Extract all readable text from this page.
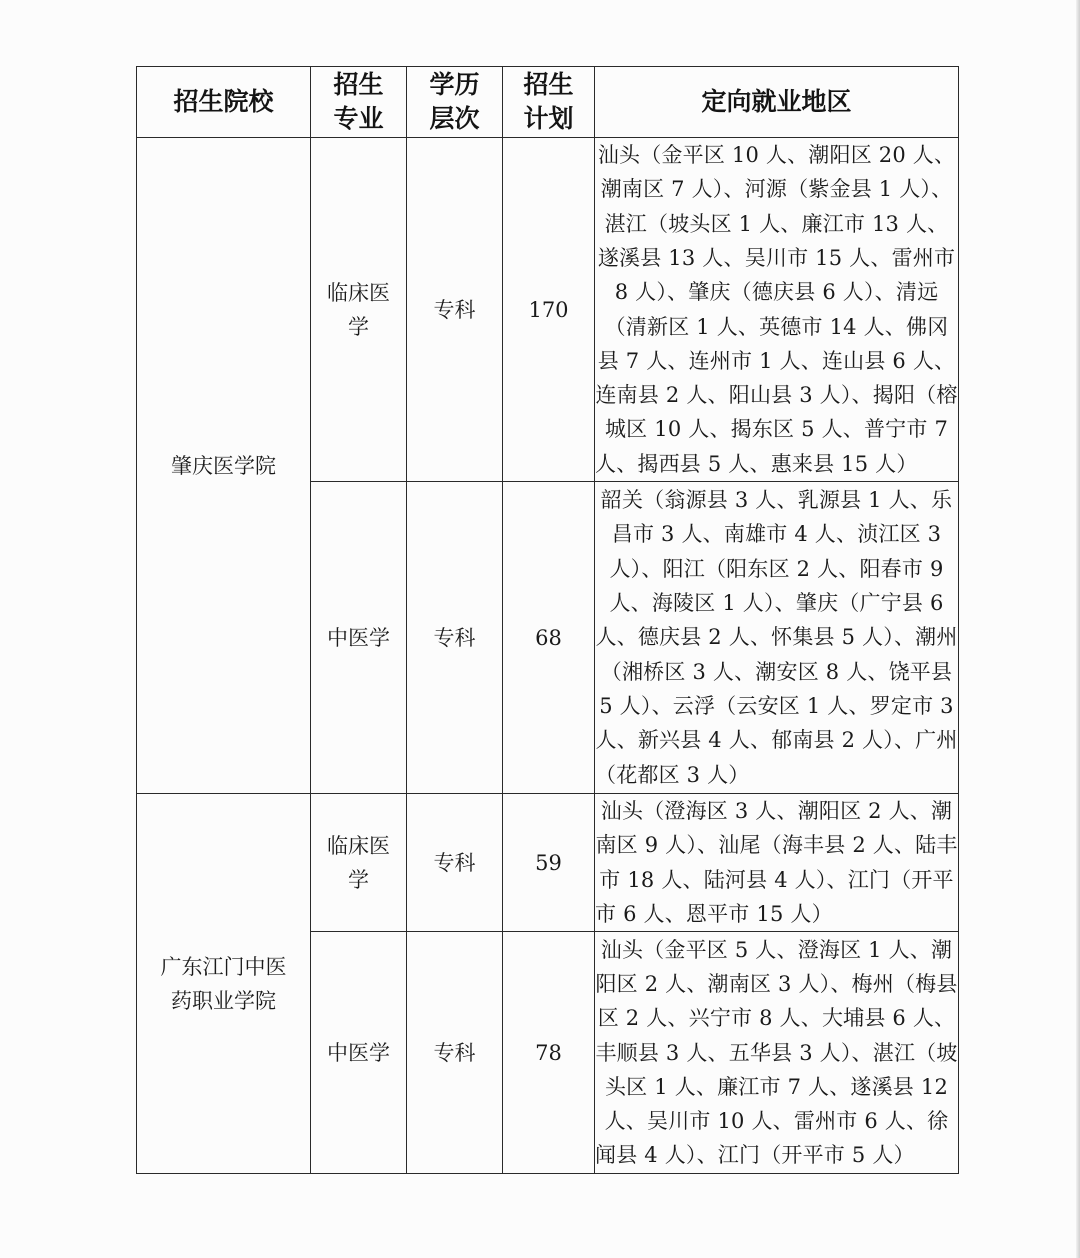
招生院校	招生 专业	学历 层次	招生 计划	定向就业地区
肇庆医学院	临床医学	专科	170	汕头（金平区 10 人、潮阳区 20 人、潮南区 7 人）、河源（紫金县 1 人）、湛江（坡头区 1 人、廉江市 13 人、遂溪县 13 人、吴川市 15 人、雷州市 8 人）、肇庆（德庆县 6 人）、清远（清新区 1 人、英德市 14 人、佛冈县 7 人、连州市 1 人、连山县 6 人、连南县 2 人、阳山县 3 人）、揭阳（榕城区 10 人、揭东区 5 人、普宁市 7 人、揭西县 5 人、惠来县 15 人）
	中医学	专科	68	韶关（翁源县 3 人、乳源县 1 人、乐昌市 3 人、南雄市 4 人、浈江区 3 人）、阳江（阳东区 2 人、阳春市 9 人、海陵区 1 人）、肇庆（广宁县 6 人、德庆县 2 人、怀集县 5 人）、潮州（湘桥区 3 人、潮安区 8 人、饶平县 5 人）、云浮（云安区 1 人、罗定市 3 人、新兴县 4 人、郁南县 2 人）、广州（花都区 3 人）
广东江门中医药职业学院	临床医学	专科	59	汕头（澄海区 3 人、潮阳区 2 人、潮南区 9 人）、汕尾（海丰县 2 人、陆丰市 18 人、陆河县 4 人）、江门（开平市 6 人、恩平市 15 人）
	中医学	专科	78	汕头（金平区 5 人、澄海区 1 人、潮阳区 2 人、潮南区 3 人）、梅州（梅县区 2 人、兴宁市 8 人、大埔县 6 人、丰顺县 3 人、五华县 3 人）、湛江（坡头区 1 人、廉江市 7 人、遂溪县 12 人、吴川市 10 人、雷州市 6 人、徐闻县 4 人）、江门（开平市 5 人）
